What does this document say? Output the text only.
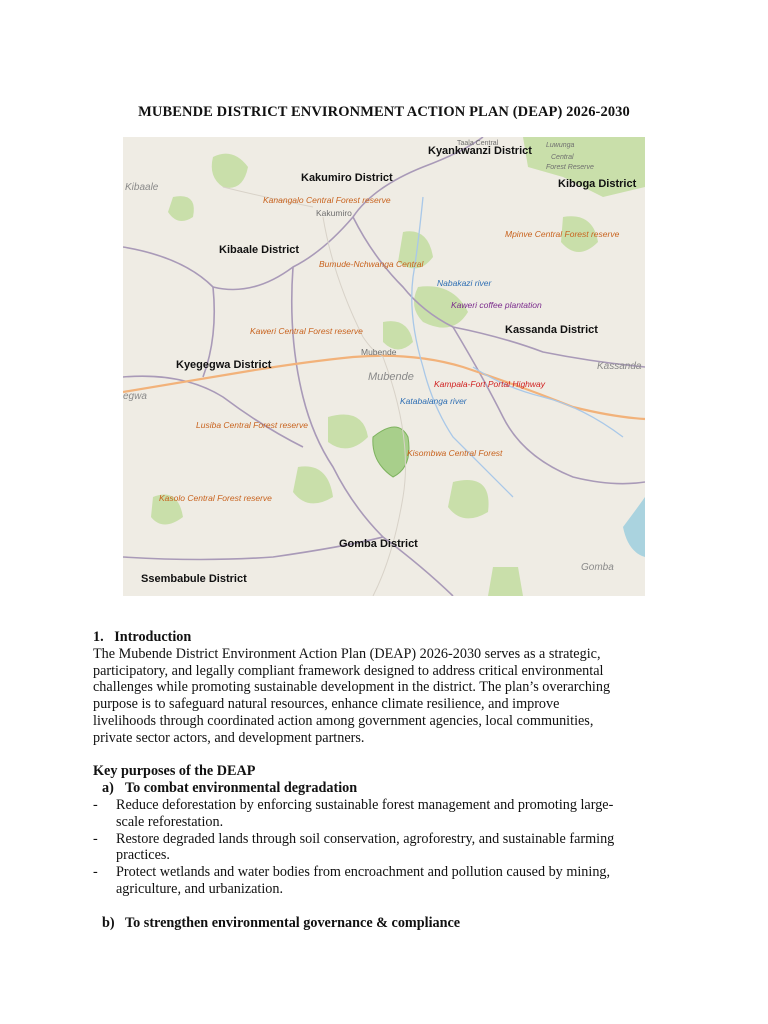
MUBENDE DISTRICT ENVIRONMENT ACTION PLAN (DEAP) 2026-2030
Kyankwanzi District
Kakumiro District	Kiboga District
Kibaale District
Kassanda District
Kyegegwa District
Gomba District
Ssembabule District
Kanangalo Central Forest reserve
Mpinve Central Forest reserve
Bumude-Nchwanga Central
Kaweri Central Forest reserve
Lusiba Central Forest reserve
Kisombwa Central Forest
Kasolo Central Forest reserve
Nabakazi river
Katabalanga river
Kaweri coffee plantation
Kampala-Fort Portal Highway
Kakumiro
Mubende
Taala Central	Luwunga
Central
Forest Reserve
Kibaale
Mubende
Kassanda
Gomba
egwa
1. Introduction
The Mubende District Environment Action Plan (DEAP) 2026-2030 serves as a strategic,
participatory, and legally compliant framework designed to address critical environmental
challenges while promoting sustainable development in the district. The plan’s overarching
purpose is to safeguard natural resources, enhance climate resilience, and improve
livelihoods through coordinated action among government agencies, local communities,
private sector actors, and development partners.
Key purposes of the DEAP
a) To combat environmental degradation
-	Reduce deforestation by enforcing sustainable forest management and promoting large-
scale reforestation.
-	Restore degraded lands through soil conservation, agroforestry, and sustainable farming
practices.
-	Protect wetlands and water bodies from encroachment and pollution caused by mining,
agriculture, and urbanization.
b) To strengthen environmental governance & compliance
